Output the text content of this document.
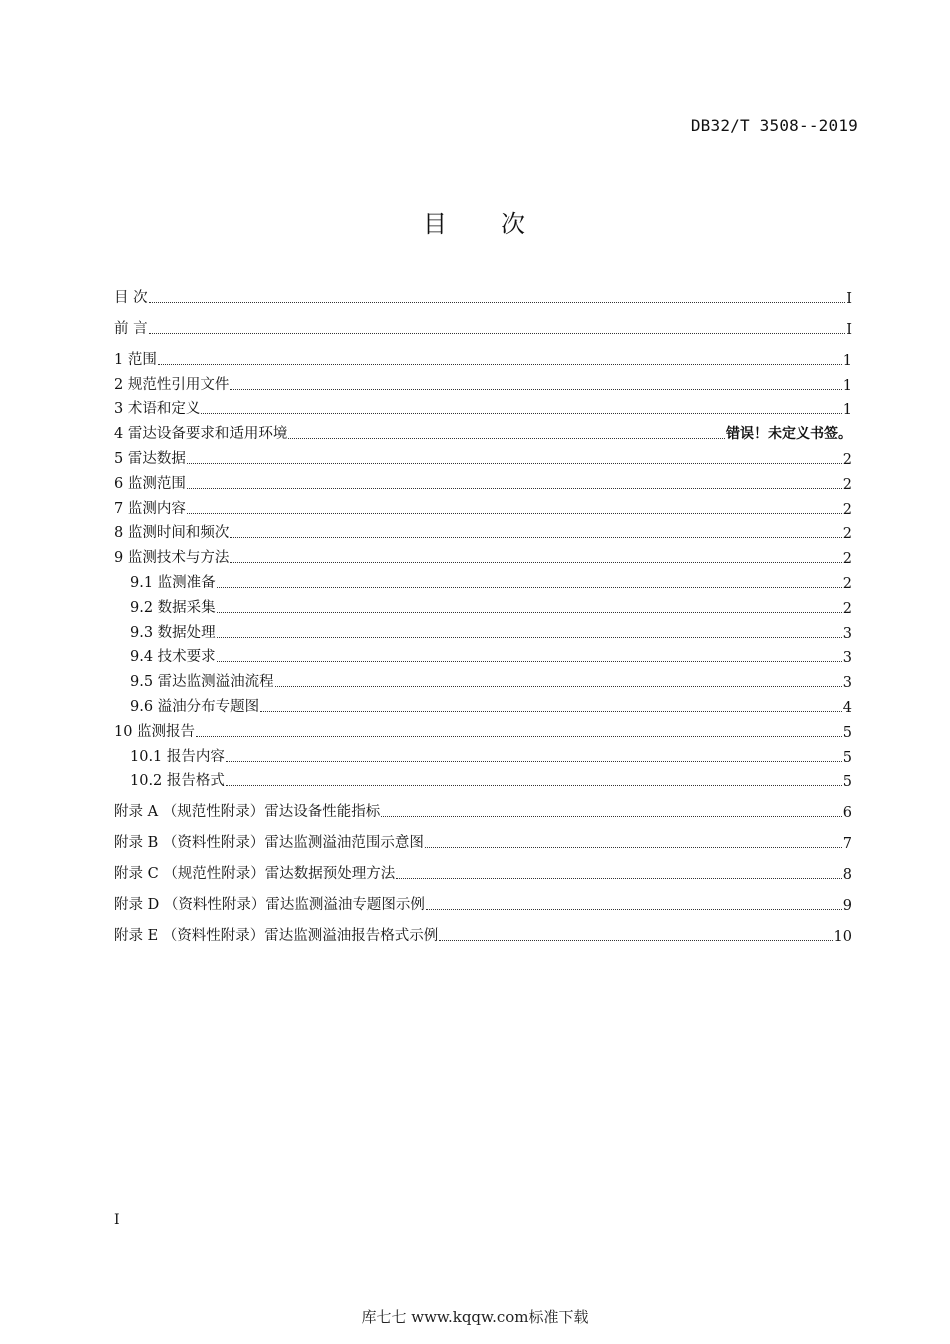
DB32/T 3508--2019
目 次
目 次	I
前 言	I
1 范围	1
2 规范性引用文件	1
3 术语和定义	1
4 雷达设备要求和适用环境	错误！未定义书签。
5 雷达数据	2
6 监测范围	2
7 监测内容	2
8 监测时间和频次	2
9 监测技术与方法	2
9.1 监测准备	2
9.2 数据采集	2
9.3 数据处理	3
9.4 技术要求	3
9.5 雷达监测溢油流程	3
9.6 溢油分布专题图	4
10 监测报告	5
10.1 报告内容	5
10.2 报告格式	5
附录 A （规范性附录）雷达设备性能指标	6
附录 B （资料性附录）雷达监测溢油范围示意图	7
附录 C （规范性附录）雷达数据预处理方法	8
附录 D （资料性附录）雷达监测溢油专题图示例	9
附录 E （资料性附录）雷达监测溢油报告格式示例	10
I
库七七 www.kqqw.com标准下载
